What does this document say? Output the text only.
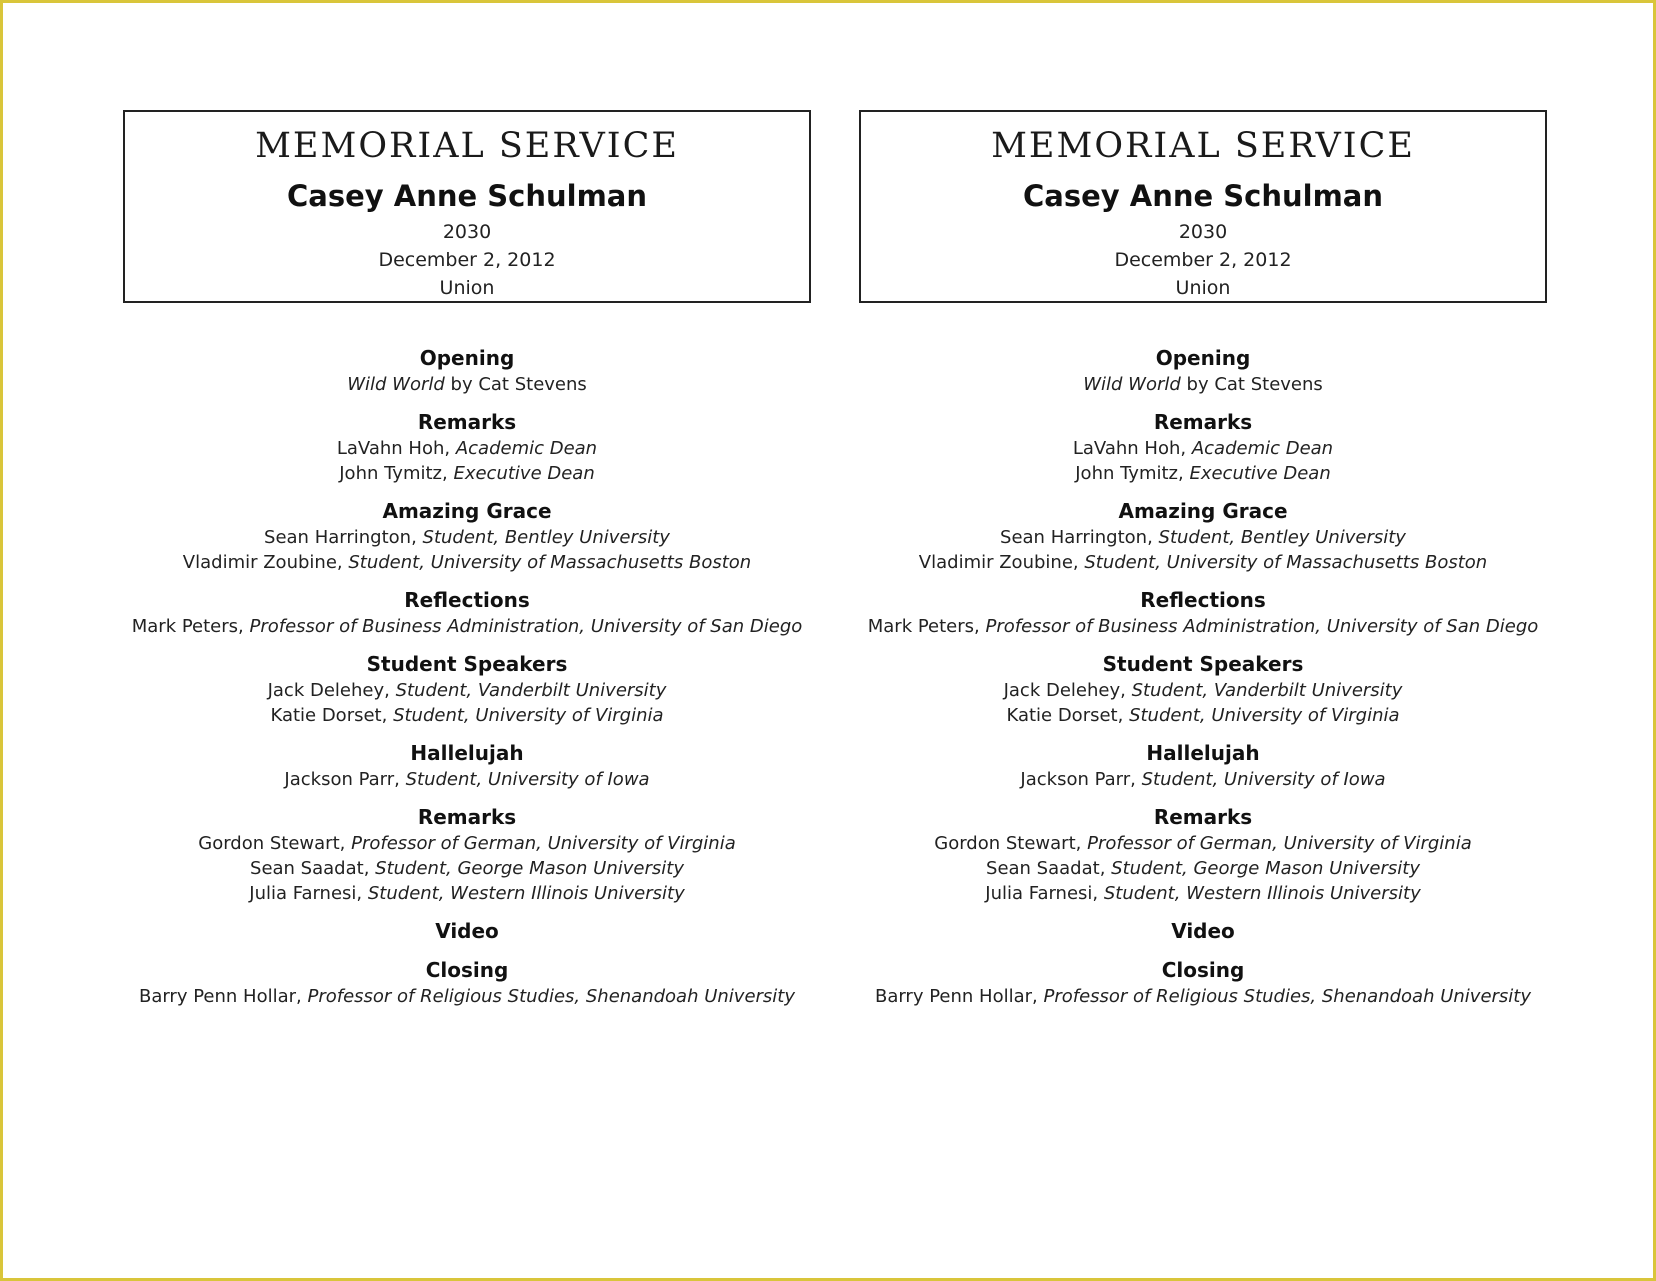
MEMORIAL SERVICE
Casey Anne Schulman
2030
December 2, 2012
Union
Opening
Wild World by Cat Stevens
Remarks
LaVahn Hoh, Academic Dean
John Tymitz, Executive Dean
Amazing Grace
Sean Harrington, Student, Bentley University
Vladimir Zoubine, Student, University of Massachusetts Boston
Reflections
Mark Peters, Professor of Business Administration, University of San Diego
Student Speakers
Jack Delehey, Student, Vanderbilt University
Katie Dorset, Student, University of Virginia
Hallelujah
Jackson Parr, Student, University of Iowa
Remarks
Gordon Stewart, Professor of German, University of Virginia
Sean Saadat, Student, George Mason University
Julia Farnesi, Student, Western Illinois University
Video
Closing
Barry Penn Hollar, Professor of Religious Studies, Shenandoah University
MEMORIAL SERVICE
Casey Anne Schulman
2030
December 2, 2012
Union
Opening
Wild World by Cat Stevens
Remarks
LaVahn Hoh, Academic Dean
John Tymitz, Executive Dean
Amazing Grace
Sean Harrington, Student, Bentley University
Vladimir Zoubine, Student, University of Massachusetts Boston
Reflections
Mark Peters, Professor of Business Administration, University of San Diego
Student Speakers
Jack Delehey, Student, Vanderbilt University
Katie Dorset, Student, University of Virginia
Hallelujah
Jackson Parr, Student, University of Iowa
Remarks
Gordon Stewart, Professor of German, University of Virginia
Sean Saadat, Student, George Mason University
Julia Farnesi, Student, Western Illinois University
Video
Closing
Barry Penn Hollar, Professor of Religious Studies, Shenandoah University
